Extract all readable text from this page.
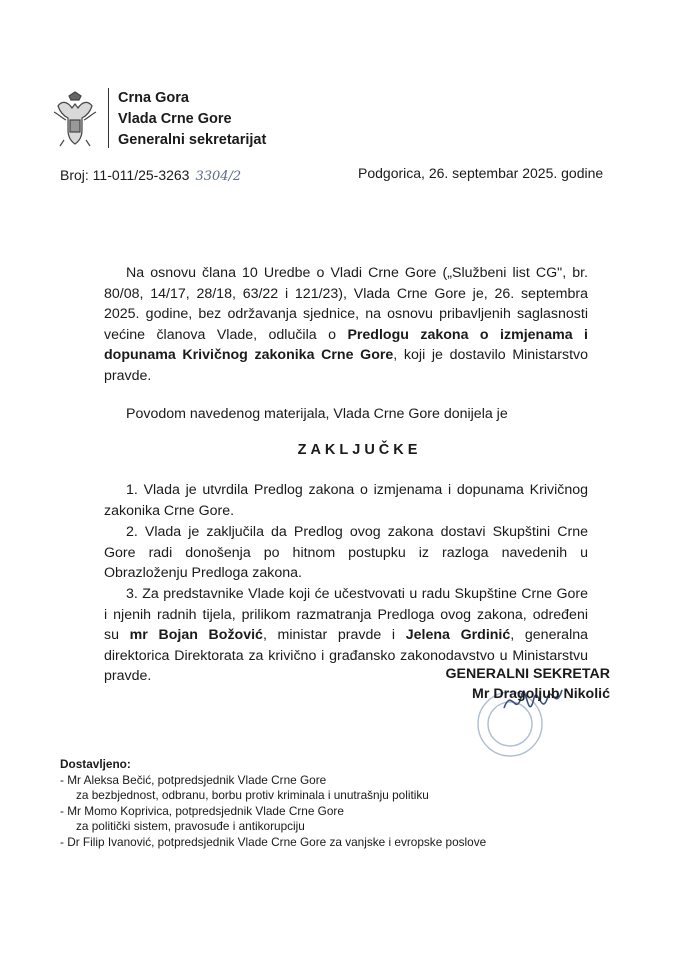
Crna Gora
Vlada Crne Gore
Generalni sekretarijat
Broj: 11-011/25-3263 3304/2	Podgorica, 26. septembar 2025. godine
Na osnovu člana 10 Uredbe o Vladi Crne Gore („Službeni list CG", br. 80/08, 14/17, 28/18, 63/22 i 121/23), Vlada Crne Gore je, 26. septembra 2025. godine, bez održavanja sjednice, na osnovu pribavljenih saglasnosti većine članova Vlade, odlučila o Predlogu zakona o izmjenama i dopunama Krivičnog zakonika Crne Gore, koji je dostavilo Ministarstvo pravde.
Povodom navedenog materijala, Vlada Crne Gore donijela je
ZAKLJUČKE
1. Vlada je utvrdila Predlog zakona o izmjenama i dopunama Krivičnog zakonika Crne Gore.
2. Vlada je zaključila da Predlog ovog zakona dostavi Skupštini Crne Gore radi donošenja po hitnom postupku iz razloga navedenih u Obrazloženju Predloga zakona.
3. Za predstavnike Vlade koji će učestvovati u radu Skupštine Crne Gore i njenih radnih tijela, prilikom razmatranja Predloga ovog zakona, određeni su mr Bojan Božović, ministar pravde i Jelena Grdinić, generalna direktorica Direktorata za krivično i građansko zakonodavstvo u Ministarstvu pravde.	GENERALNI SEKRETAR
Mr Dragoljub Nikolić
Dostavljeno:
- Mr Aleksa Bečić, potpredsjednik Vlade Crne Gore
za bezbjednost, odbranu, borbu protiv kriminala i unutrašnju politiku
- Mr Momo Koprivica, potpredsjednik Vlade Crne Gore
za politički sistem, pravosuđe i antikorupciju
- Dr Filip Ivanović, potpredsjednik Vlade Crne Gore za vanjske i evropske poslove
